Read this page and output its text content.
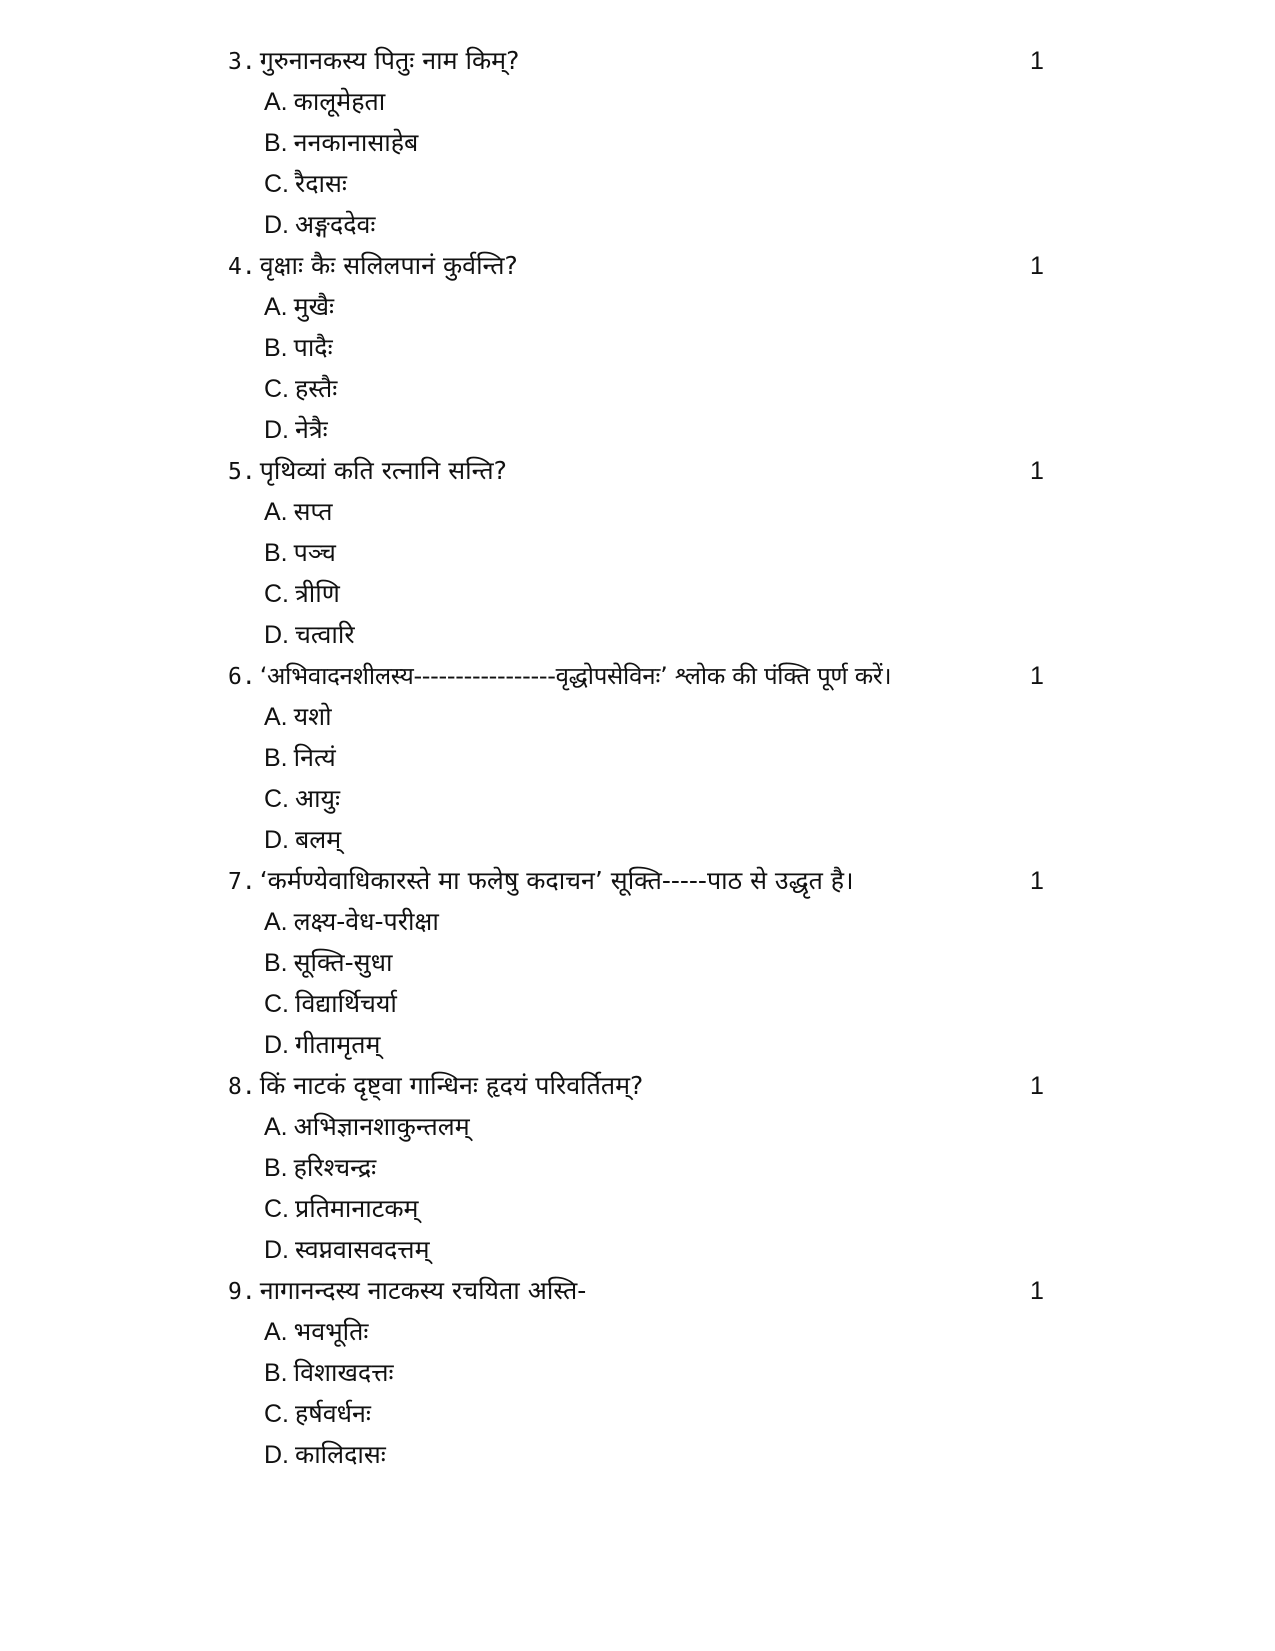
3. गुरुनानकस्य पितुः नाम किम्?	1
A. कालूमेहता
B. ननकानासाहेब
C. रैदासः
D. अङ्गददेवः
4. वृक्षाः कैः सलिलपानं कुर्वन्ति?	1
A. मुखैः
B. पादैः
C. हस्तैः
D. नेत्रैः
5. पृथिव्यां कति रत्नानि सन्ति?	1
A. सप्त
B. पञ्च
C. त्रीणि
D. चत्वारि
6. ‘अभिवादनशीलस्य-----------------वृद्धोपसेविनः’ श्लोक की पंक्ति पूर्ण करें।	1
A. यशो
B. नित्यं
C. आयुः
D. बलम्
7. ‘कर्मण्येवाधिकारस्ते मा फलेषु कदाचन’ सूक्ति-----पाठ से उद्धृत है।	1
A. लक्ष्य-वेध-परीक्षा
B. सूक्ति-सुधा
C. विद्यार्थिचर्या
D. गीतामृतम्
8. किं नाटकं दृष्ट्वा गान्धिनः हृदयं परिवर्तितम्?	1
A. अभिज्ञानशाकुन्तलम्
B. हरिश्चन्द्रः
C. प्रतिमानाटकम्
D. स्वप्नवासवदत्तम्
9. नागानन्दस्य नाटकस्य रचयिता अस्ति-	1
A. भवभूतिः
B. विशाखदत्तः
C. हर्षवर्धनः
D. कालिदासः
